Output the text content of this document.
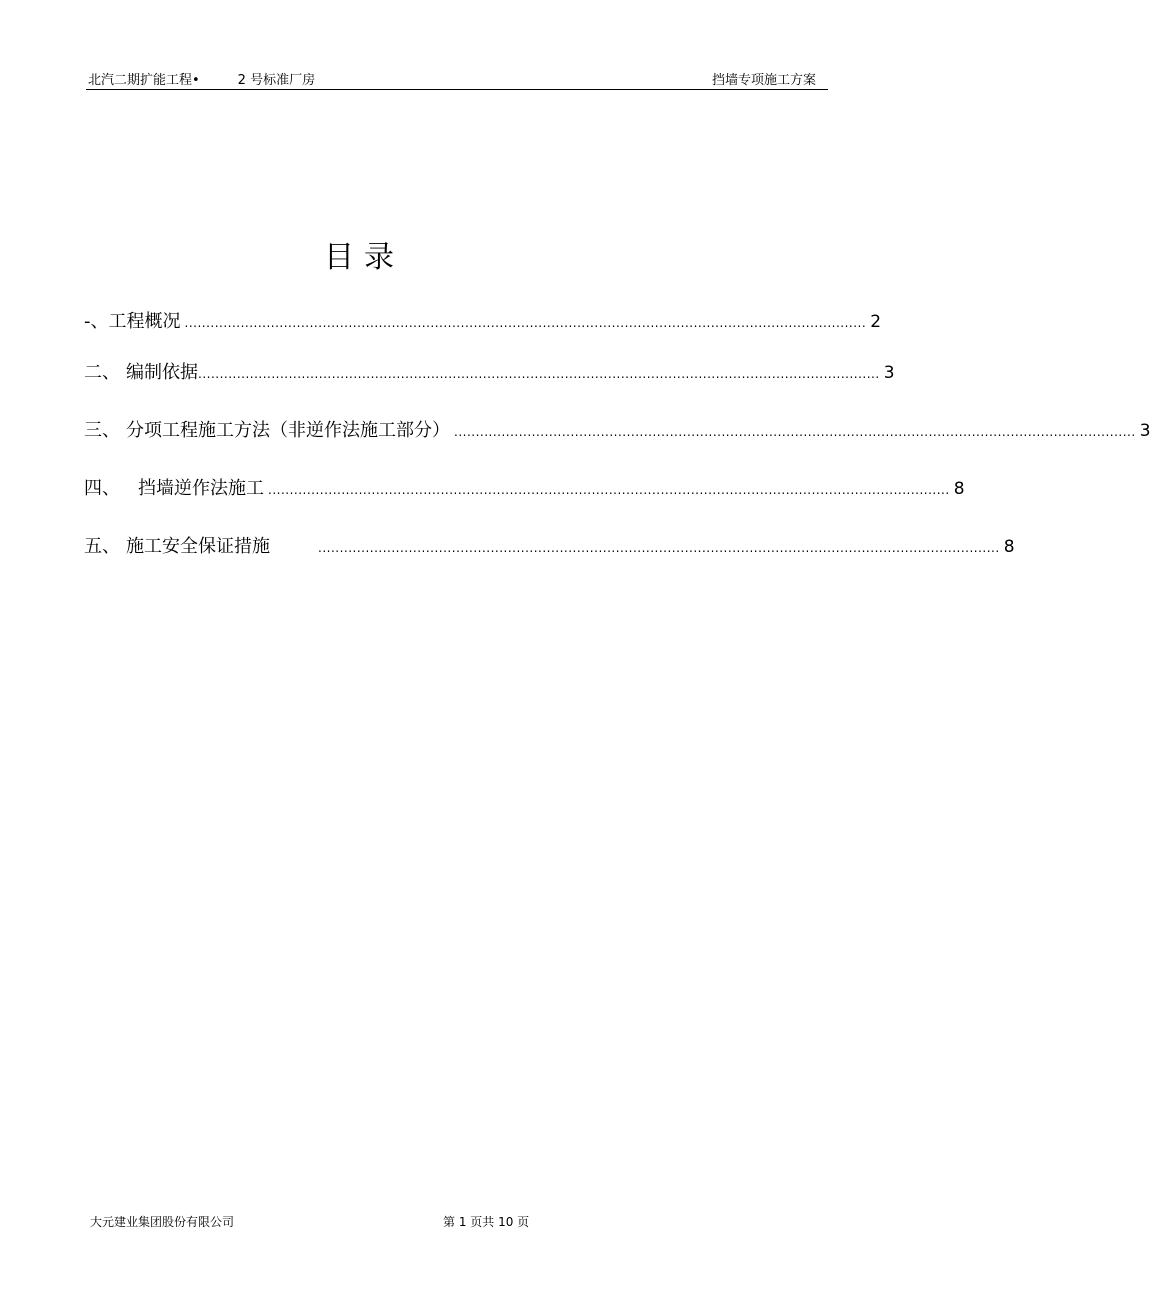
北汽二期扩能工程•	2 号标准厂房	挡墙专项施工方案
目录
-、工程概况 .............................................................................................................................................................. 2
二、 编制依据 .............................................................................................................................................................. 3
三、 分项工程施工方法（非逆作法施工部分） .............................................................................................................................................................. 3
四、 挡墙逆作法施工 .............................................................................................................................................................. 8
五、 施工安全保证措施	.............................................................................................................................................................. 8
大元建业集团股份有限公司	第 1 页共 10 页
